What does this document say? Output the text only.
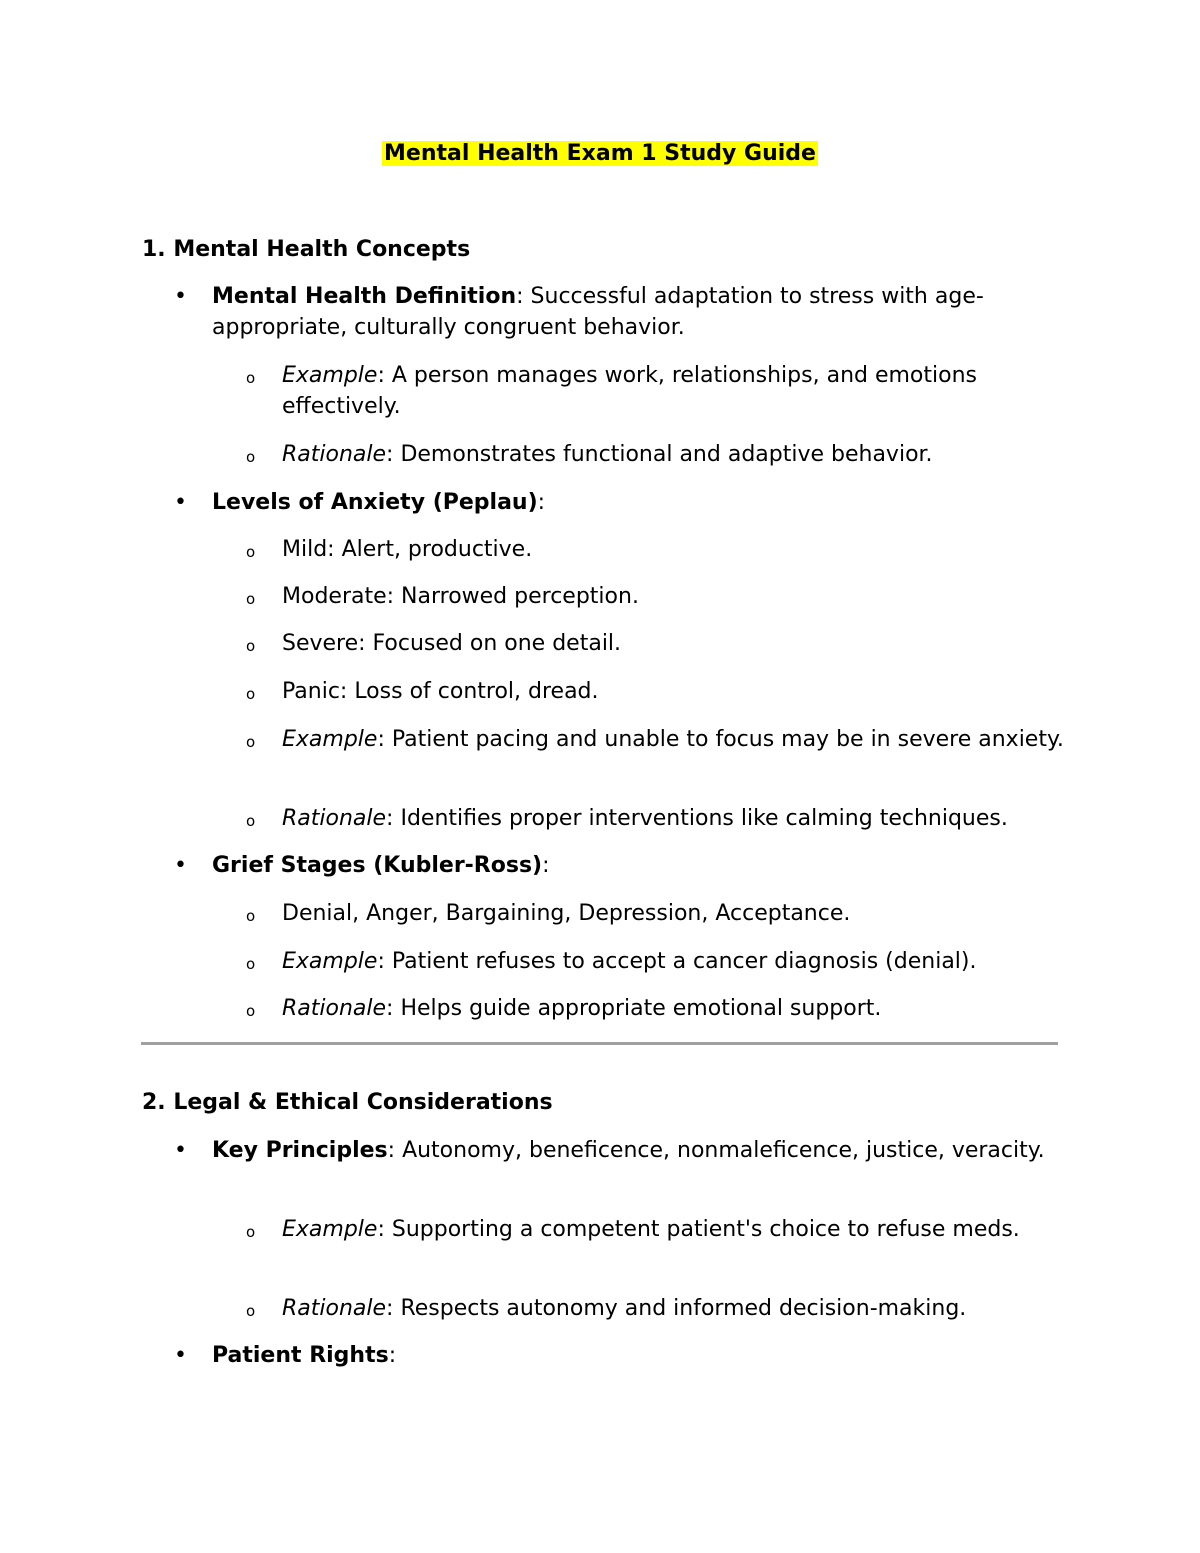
Mental Health Exam 1 Study Guide
1. Mental Health Concepts
• Mental Health Definition: Successful adaptation to stress with age-appropriate, culturally congruent behavior.
o Example: A person manages work, relationships, and emotions effectively.
o Rationale: Demonstrates functional and adaptive behavior.
• Levels of Anxiety (Peplau):
o Mild: Alert, productive.
o Moderate: Narrowed perception.
o Severe: Focused on one detail.
o Panic: Loss of control, dread.
o Example: Patient pacing and unable to focus may be in severe anxiety.
o Rationale: Identifies proper interventions like calming techniques.
• Grief Stages (Kubler-Ross):
o Denial, Anger, Bargaining, Depression, Acceptance.
o Example: Patient refuses to accept a cancer diagnosis (denial).
o Rationale: Helps guide appropriate emotional support.
2. Legal & Ethical Considerations
• Key Principles: Autonomy, beneficence, nonmaleficence, justice, veracity.
o Example: Supporting a competent patient's choice to refuse meds.
o Rationale: Respects autonomy and informed decision-making.
• Patient Rights:
